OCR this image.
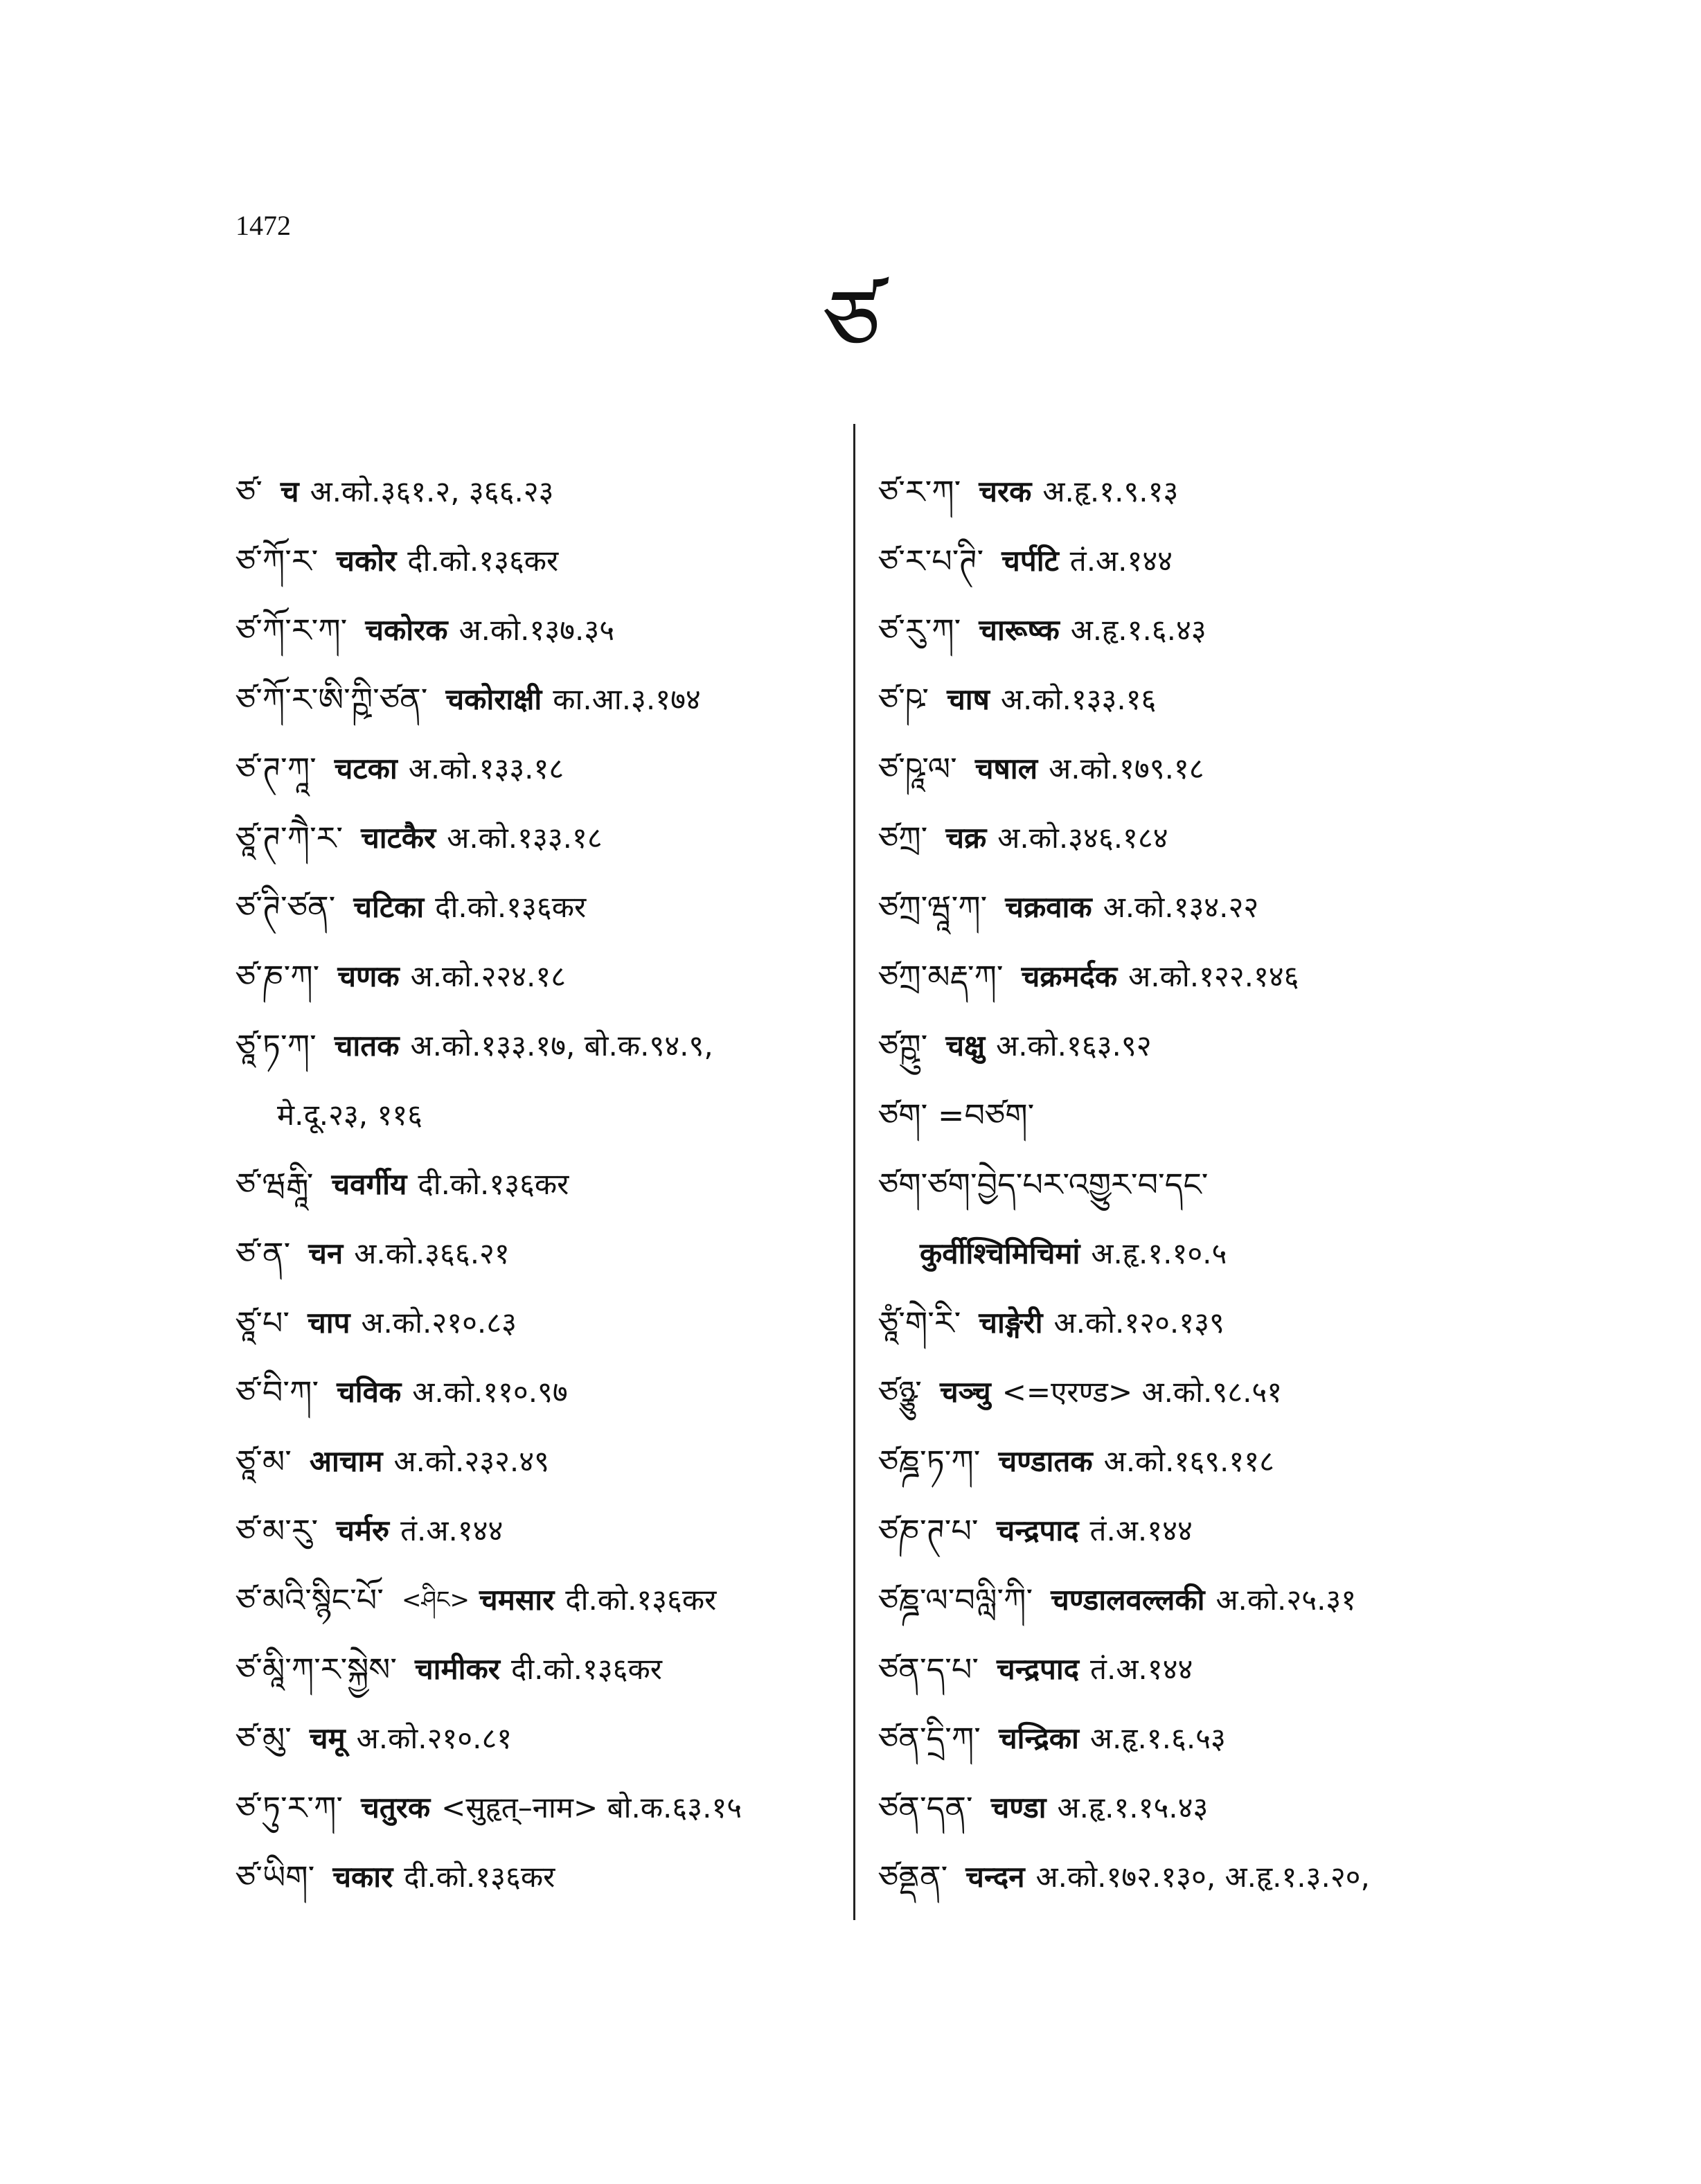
1472
ཙ
ཙ་ च अ.को.३६१.२, ३६६.२३
ཙ་ཀོ་ར་ चकोर दी.को.१३६कर
ཙ་ཀོ་ར་ཀ་ चकोरक अ.को.१३७.३५
ཙ་ཀོ་ར་ཨི་ཀྵི་ཙན་ चकोराक्षी का.आ.३.१७४
ཙ་ཊ་ཀཱ་ चटका अ.को.१३३.१८
ཙཱ་ཊ་ཀཻ་ར་ चाटकैर अ.को.१३३.१८
ཙ་ཊི་ཙན་ चटिका दी.को.१३६कर
ཙ་ཎ་ཀ་ चणक अ.को.२२४.१८
ཙཱ་ཏ་ཀ་ चातक अ.को.१३३.१७, बो.क.९४.९,
मे.दू.२३, ११६
ཙ་ཝརྒཱི་ चवर्गीय दी.को.१३६कर
ཙ་ན་ चन अ.को.३६६.२१
ཙཱ་པ་ चाप अ.को.२१०.८३
ཙ་བི་ཀ་ चविक अ.को.११०.९७
ཙཱ་མ་ आचाम अ.को.२३२.४९
ཙ་མ་རུ་ चर्मरु तं.अ.१४४
ཙ་མའི་སྙིང་པོ་ <ཤིང> चमसार दी.को.१३६कर
ཙ་མཱི་ཀ་ར་སྐྱེས་ चामीकर दी.को.१३६कर
ཙ་མུ་ चमू अ.को.२१०.८१
ཙ་ཏུ་ར་ཀ་ चतुरक <सुहृत्–नाम> बो.क.६३.१५
ཙ་ཡིག་ चकार दी.को.१३६कर
ཙ་ར་ཀ་ चरक अ.हृ.१.९.१३
ཙ་ར་པ་ཊི་ चर्पटि तं.अ.१४४
ཙ་རུ་ཀ་ चारूष्क अ.हृ.१.६.४३
ཙ་ཥ་ चाष अ.को.१३३.१६
ཙ་ཥཱ་ལ་ चषाल अ.को.१७९.१८
ཙཀྲ་ चक्र अ.को.३४६.१८४
ཙཀྲ་ཝཱ་ཀ་ चक्रवाक अ.को.१३४.२२
ཙཀྲ་མརྡ་ཀ་ चक्रमर्दक अ.को.१२२.१४६
ཙཀྵུ་ चक्षु अ.को.१६३.९२
ཙག་ =བཙག་
ཙག་ཙག་བྱེད་པར་འགྱུར་བ་དང་
कुर्वीश्चिमिचिमां अ.हृ.१.१०.५
ཙཱཾ་གེ་རི་ चाङ्गेरी अ.को.१२०.१३९
ཙཉྩུ་ चञ्चु <=एरण्ड> अ.को.९८.५१
ཙཎྜ་ཏ་ཀ་ चण्डातक अ.को.१६९.११८
ཙཎ་ཊ་པ་ चन्द्रपाद तं.अ.१४४
ཙཎྜ་ལ་བལླི་ཀི་ चण्डालवल्लकी अ.को.२५.३१
ཙན་ད་པ་ चन्द्रपाद तं.अ.१४४
ཙན་དྲི་ཀ་ चन्द्रिका अ.हृ.१.६.५३
ཙན་དན་ चण्डा अ.हृ.१.१५.४३
ཙནྡན་ चन्दन अ.को.१७२.१३०, अ.हृ.१.३.२०,
